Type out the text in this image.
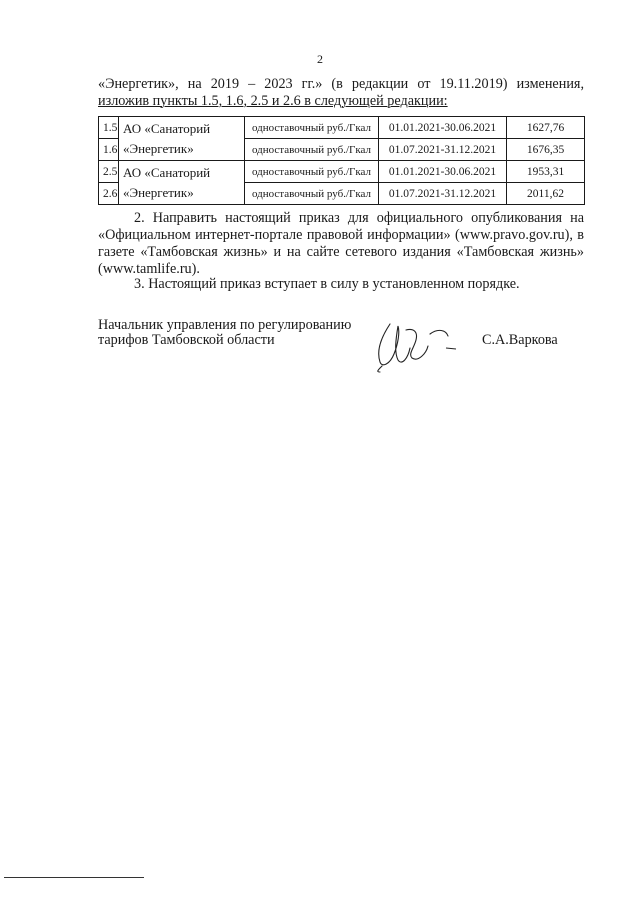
2
«Энергетик», на 2019 – 2023 гг.» (в редакции от 19.11.2019) изменения,
изложив пункты 1.5, 1.6, 2.5 и 2.6 в следующей редакции:
1.5	АО «Санаторий «Энергетик»	одноставочный руб./Гкал	01.01.2021-30.06.2021	1627,76
1.6		одноставочный руб./Гкал	01.07.2021-31.12.2021	1676,35
2.5	АО «Санаторий «Энергетик»	одноставочный руб./Гкал	01.01.2021-30.06.2021	1953,31
2.6		одноставочный руб./Гкал	01.07.2021-31.12.2021	2011,62
2. Направить настоящий приказ для официального опубликования на «Официальном интернет-портале правовой информации» (www.pravo.gov.ru), в газете «Тамбовская жизнь» и на сайте сетевого издания «Тамбовская жизнь» (www.tamlife.ru).
3. Настоящий приказ вступает в силу в установленном порядке.
Начальник управления по регулированию
тарифов Тамбовской области	С.А.Варкова
